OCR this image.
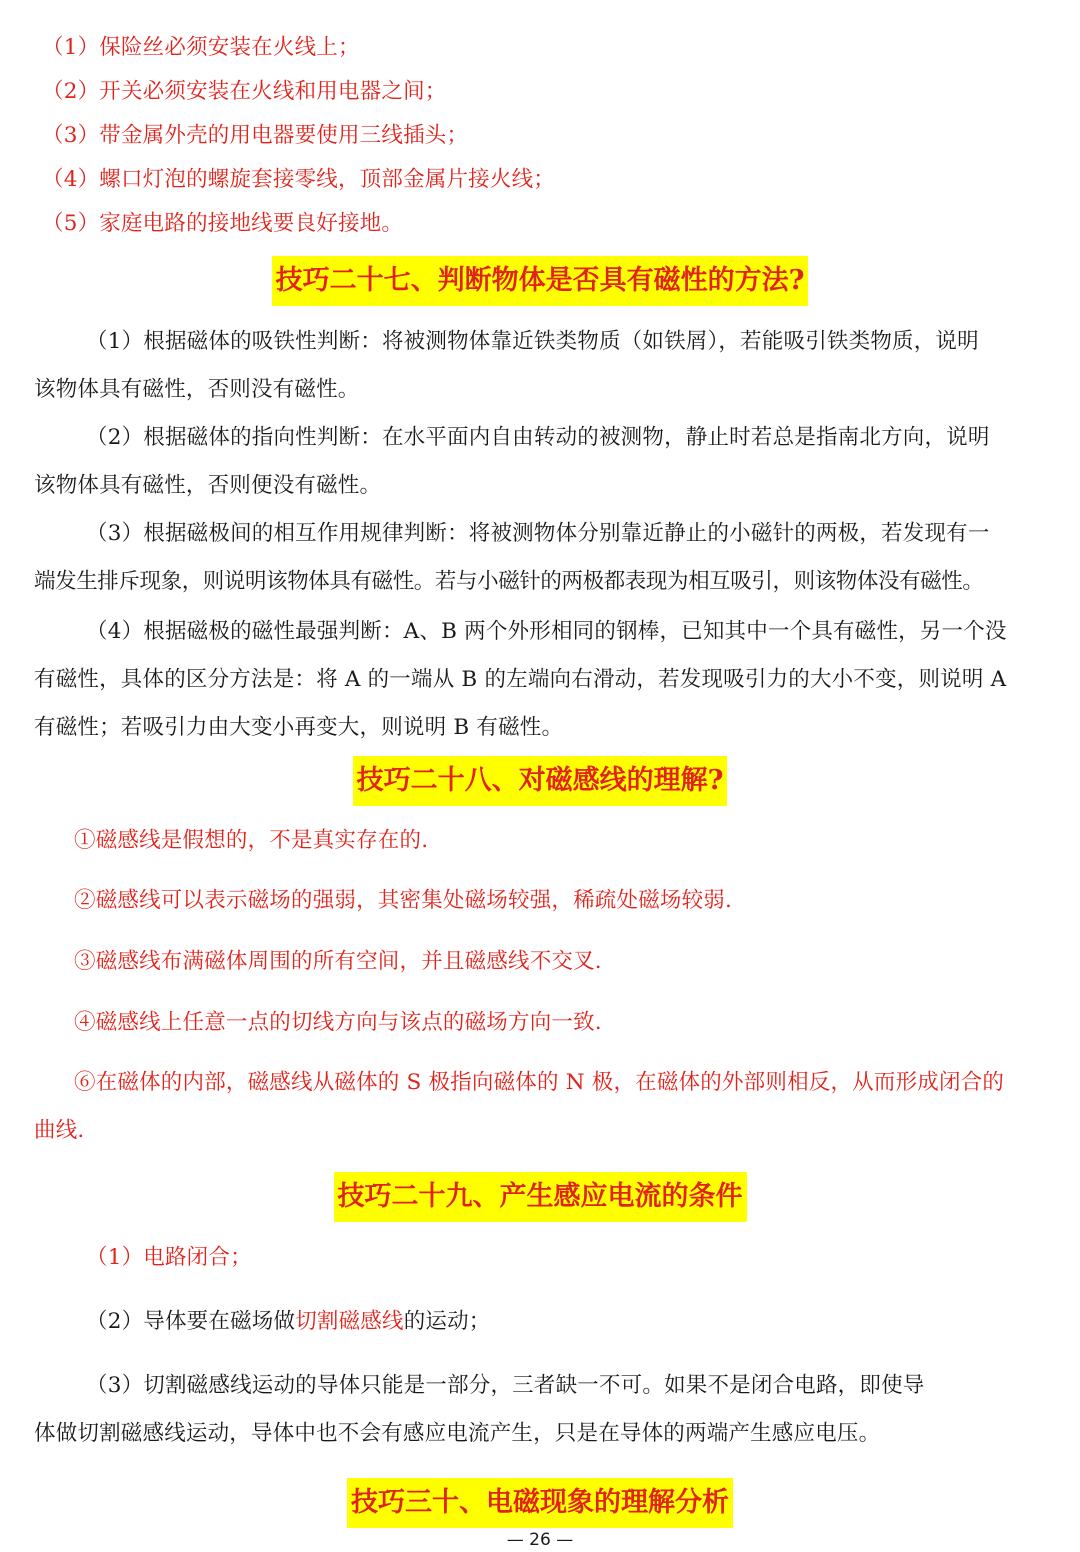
（1）保险丝必须安装在火线上；
（2）开关必须安装在火线和用电器之间；
（3）带金属外壳的用电器要使用三线插头；
（4）螺口灯泡的螺旋套接零线，顶部金属片接火线；
（5）家庭电路的接地线要良好接地。
技巧二十七、判断物体是否具有磁性的方法?
（1）根据磁体的吸铁性判断：将被测物体靠近铁类物质（如铁屑），若能吸引铁类物质，说明
该物体具有磁性，否则没有磁性。
（2）根据磁体的指向性判断：在水平面内自由转动的被测物，静止时若总是指南北方向，说明
该物体具有磁性，否则便没有磁性。
（3）根据磁极间的相互作用规律判断：将被测物体分别靠近静止的小磁针的两极，若发现有一
端发生排斥现象，则说明该物体具有磁性。若与小磁针的两极都表现为相互吸引，则该物体没有磁性。
（4）根据磁极的磁性最强判断：A、B 两个外形相同的钢棒，已知其中一个具有磁性，另一个没
有磁性，具体的区分方法是：将 A 的一端从 B 的左端向右滑动，若发现吸引力的大小不变，则说明 A
有磁性；若吸引力由大变小再变大，则说明 B 有磁性。
技巧二十八、对磁感线的理解?
①磁感线是假想的，不是真实存在的.
②磁感线可以表示磁场的强弱，其密集处磁场较强，稀疏处磁场较弱.
③磁感线布满磁体周围的所有空间，并且磁感线不交叉.
④磁感线上任意一点的切线方向与该点的磁场方向一致.
⑥在磁体的内部，磁感线从磁体的 S 极指向磁体的 N 极，在磁体的外部则相反，从而形成闭合的
曲线.
技巧二十九、产生感应电流的条件
（1）电路闭合；
（2）导体要在磁场做切割磁感线的运动；
（3）切割磁感线运动的导体只能是一部分，三者缺一不可。如果不是闭合电路，即使导
体做切割磁感线运动，导体中也不会有感应电流产生，只是在导体的两端产生感应电压。
技巧三十、电磁现象的理解分析
— 26 —
